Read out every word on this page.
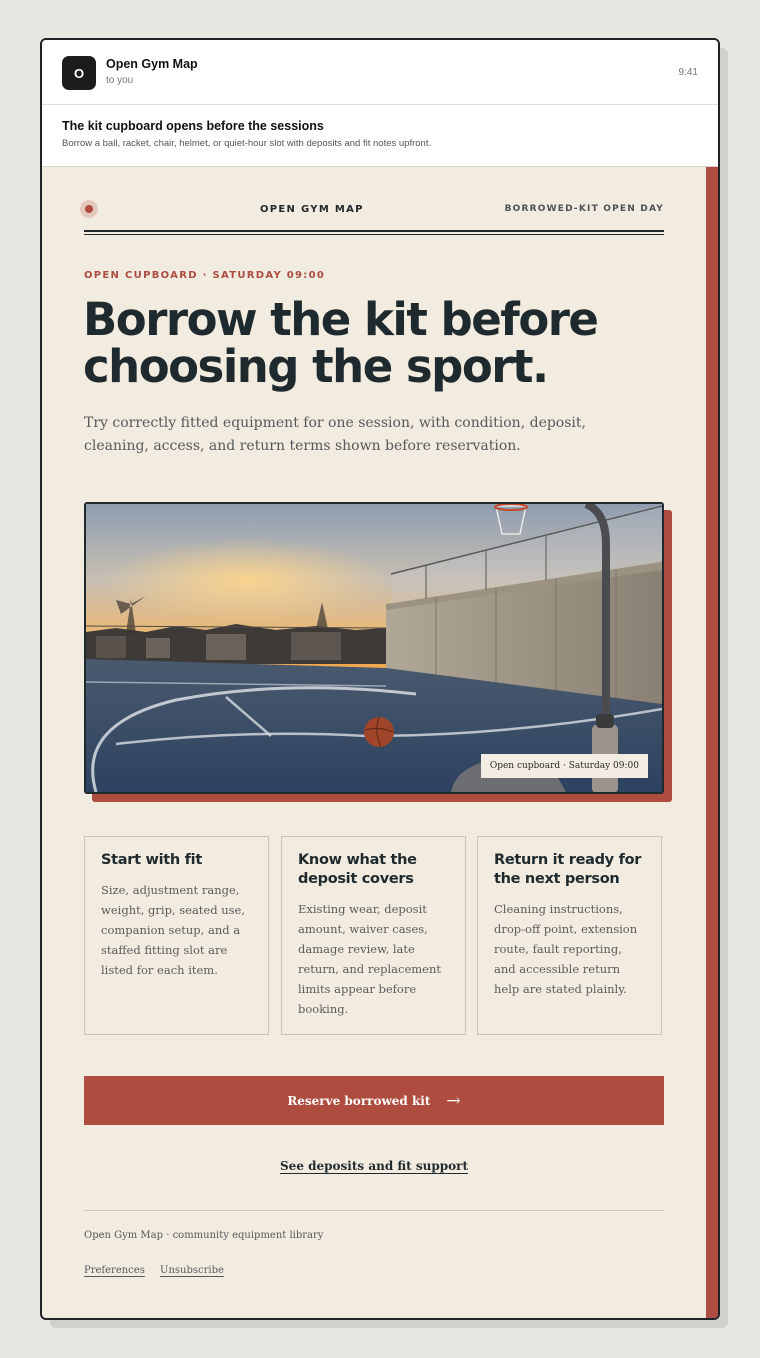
O
Open Gym Map
to you
9:41
The kit cupboard opens before the sessions
Borrow a ball, racket, chair, helmet, or quiet-hour slot with deposits and fit notes upfront.
OPEN GYM MAP	BORROWED-KIT OPEN DAY
OPEN CUPBOARD · SATURDAY 09:00
Borrow the kit before choosing the sport.

Try correctly fitted equipment for one session, with condition, deposit, cleaning, access, and return terms shown before reservation.

Open cupboard · Saturday 09:00
Start with fit

Size, adjustment range, weight, grip, seated use, companion setup, and a staffed fitting slot are listed for each item.

Know what the deposit covers

Existing wear, deposit amount, waiver cases, damage review, late return, and replacement limits appear before booking.

Return it ready for the next person

Cleaning instructions, drop-off point, extension route, fault reporting, and accessible return help are stated plainly.

Reserve borrowed kit →
See deposits and fit support
Open Gym Map · community equipment library
Preferences Unsubscribe
